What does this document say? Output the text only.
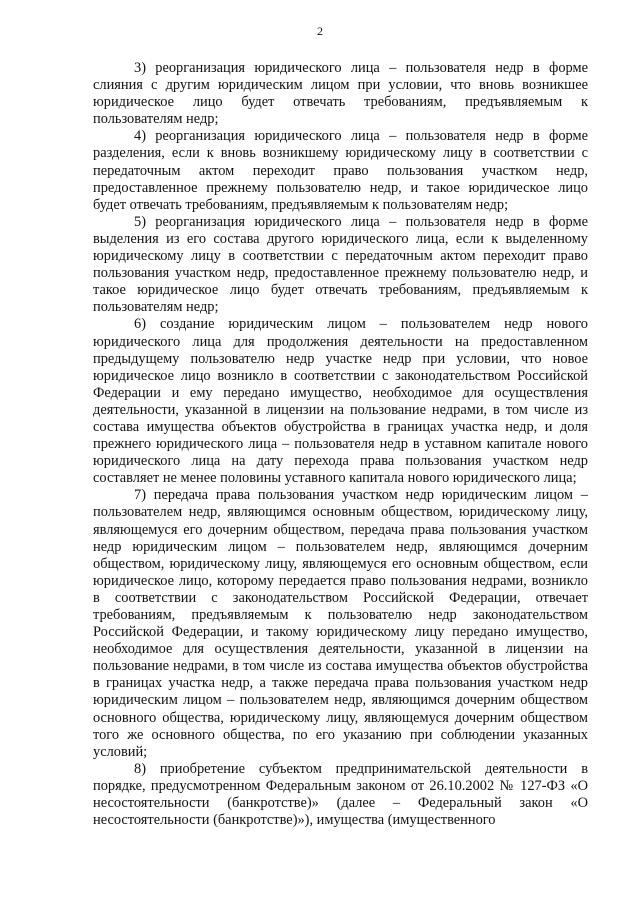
2

3) реорганизация юридического лица – пользователя недр в форме слияния с другим юридическим лицом при условии, что вновь возникшее юридическое лицо будет отвечать требованиям, предъявляемым к пользователям недр;

4) реорганизация юридического лица – пользователя недр в форме разделения, если к вновь возникшему юридическому лицу в соответствии с передаточным актом переходит право пользования участком недр, предоставленное прежнему пользователю недр, и такое юридическое лицо будет отвечать требованиям, предъявляемым к пользователям недр;

5) реорганизация юридического лица – пользователя недр в форме выделения из его состава другого юридического лица, если к выделенному юридическому лицу в соответствии с передаточным актом переходит право пользования участком недр, предоставленное прежнему пользователю недр, и такое юридическое лицо будет отвечать требованиям, предъявляемым к пользователям недр;

6) создание юридическим лицом – пользователем недр нового юридического лица для продолжения деятельности на предоставленном предыдущему пользователю недр участке недр при условии, что новое юридическое лицо возникло в соответствии с законодательством Российской Федерации и ему передано имущество, необходимое для осуществления деятельности, указанной в лицензии на пользование недрами, в том числе из состава имущества объектов обустройства в границах участка недр, и доля прежнего юридического лица – пользователя недр в уставном капитале нового юридического лица на дату перехода права пользования участком недр составляет не менее половины уставного капитала нового юридического лица;

7) передача права пользования участком недр юридическим лицом – пользователем недр, являющимся основным обществом, юридическому лицу, являющемуся его дочерним обществом, передача права пользования участком недр юридическим лицом – пользователем недр, являющимся дочерним обществом, юридическому лицу, являющемуся его основным обществом, если юридическое лицо, которому передается право пользования недрами, возникло в соответствии с законодательством Российской Федерации, отвечает требованиям, предъявляемым к пользователю недр законодательством Российской Федерации, и такому юридическому лицу передано имущество, необходимое для осуществления деятельности, указанной в лицензии на пользование недрами, в том числе из состава имущества объектов обустройства в границах участка недр, а также передача права пользования участком недр юридическим лицом – пользователем недр, являющимся дочерним обществом основного общества, юридическому лицу, являющемуся дочерним обществом того же основного общества, по его указанию при соблюдении указанных условий;

8) приобретение субъектом предпринимательской деятельности в порядке, предусмотренном Федеральным законом от 26.10.2002 № 127-ФЗ «О несостоятельности (банкротстве)» (далее – Федеральный закон «О несостоятельности (банкротстве)»), имущества (имущественного
